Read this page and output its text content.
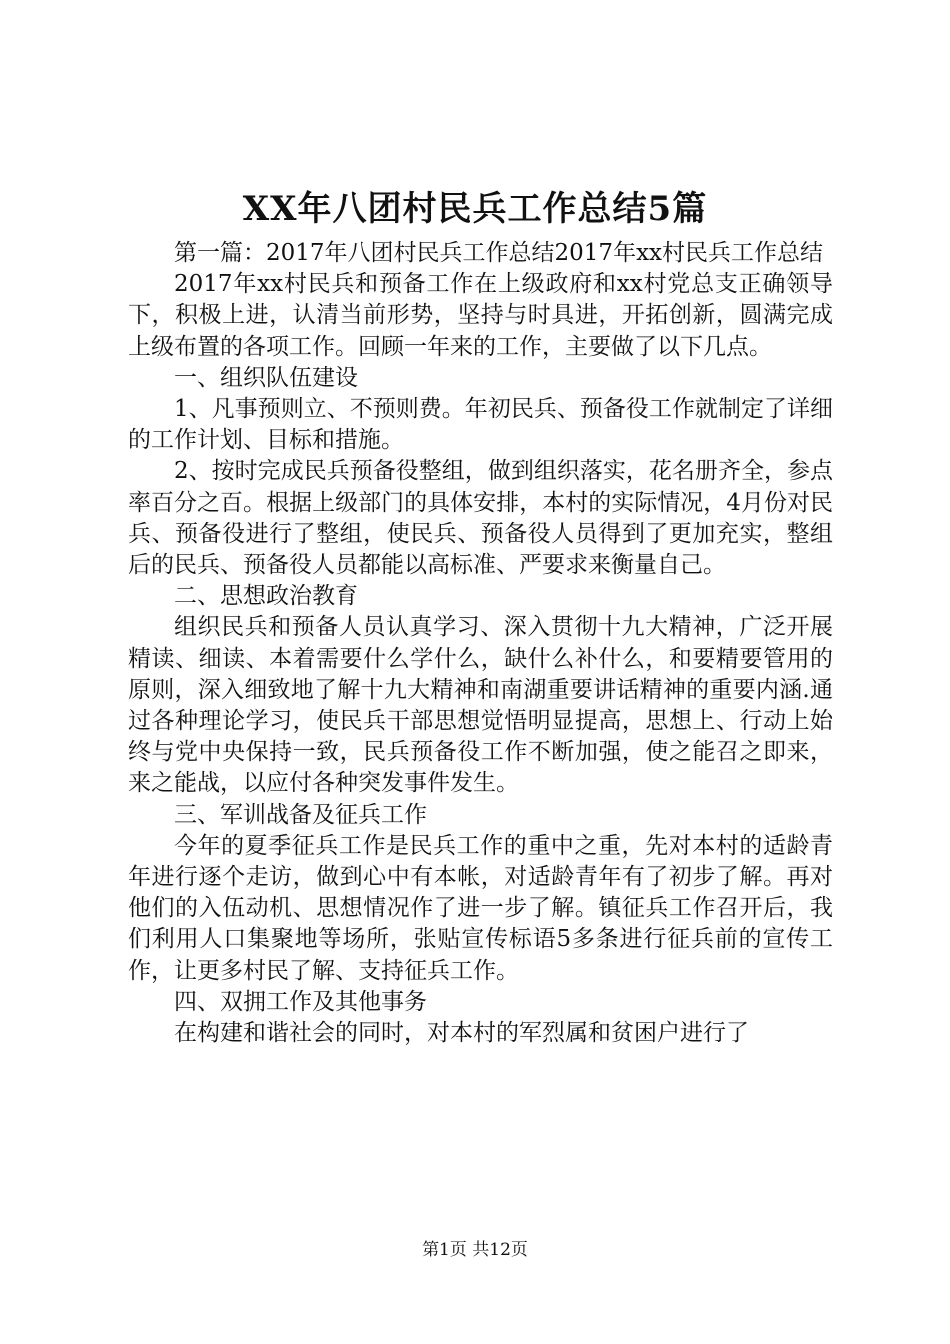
XX年八团村民兵工作总结5篇

第一篇：2017年八团村民兵工作总结2017年xx村民兵工作总结

2017年xx村民兵和预备工作在上级政府和xx村党总支正确领导下，积极上进，认清当前形势，坚持与时具进，开拓创新，圆满完成上级布置的各项工作。回顾一年来的工作，主要做了以下几点。

一、组织队伍建设

1、凡事预则立、不预则费。年初民兵、预备役工作就制定了详细的工作计划、目标和措施。

2、按时完成民兵预备役整组，做到组织落实，花名册齐全，参点率百分之百。根据上级部门的具体安排，本村的实际情况，4月份对民兵、预备役进行了整组，使民兵、预备役人员得到了更加充实，整组后的民兵、预备役人员都能以高标准、严要求来衡量自己。

二、思想政治教育

组织民兵和预备人员认真学习、深入贯彻十九大精神，广泛开展精读、细读、本着需要什么学什么，缺什么补什么，和要精要管用的原则，深入细致地了解十九大精神和南湖重要讲话精神的重要内涵.通过各种理论学习，使民兵干部思想觉悟明显提高，思想上、行动上始终与党中央保持一致，民兵预备役工作不断加强，使之能召之即来，来之能战，以应付各种突发事件发生。

三、军训战备及征兵工作

今年的夏季征兵工作是民兵工作的重中之重，先对本村的适龄青年进行逐个走访，做到心中有本帐，对适龄青年有了初步了解。再对他们的入伍动机、思想情况作了进一步了解。镇征兵工作召开后，我们利用人口集聚地等场所，张贴宣传标语5多条进行征兵前的宣传工作，让更多村民了解、支持征兵工作。

四、双拥工作及其他事务

在构建和谐社会的同时，对本村的军烈属和贫困户进行了

第1页 共12页
